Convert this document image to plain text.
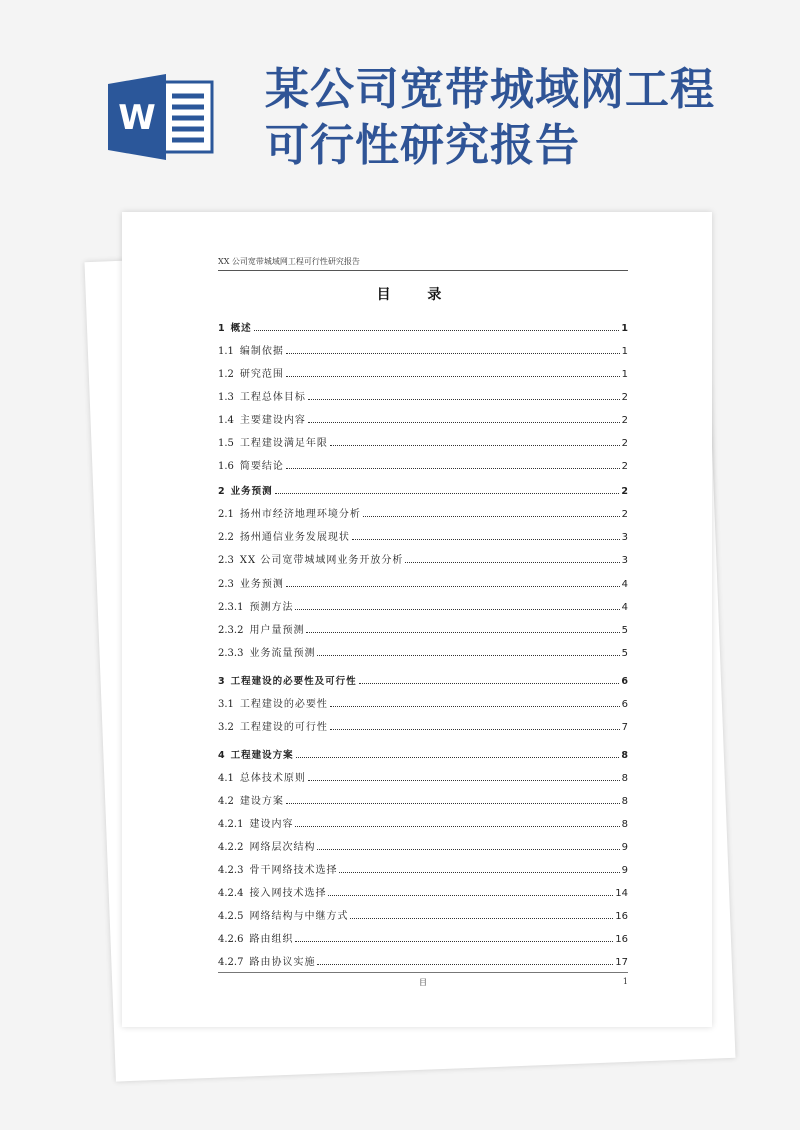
W
某公司宽带城域网工程
可行性研究报告
XX 公司宽带城域网工程可行性研究报告
目 录
1 概述	1
1.1 编制依据	1
1.2 研究范围	1
1.3 工程总体目标	2
1.4 主要建设内容	2
1.5 工程建设满足年限	2
1.6 简要结论	2
2 业务预测	2
2.1 扬州市经济地理环境分析	2
2.2 扬州通信业务发展现状	3
2.3 XX 公司宽带城域网业务开放分析	3
2.3 业务预测	4
2.3.1 预测方法	4
2.3.2 用户量预测	5
2.3.3 业务流量预测	5
3 工程建设的必要性及可行性	6
3.1 工程建设的必要性	6
3.2 工程建设的可行性	7
4 工程建设方案	8
4.1 总体技术原则	8
4.2 建设方案	8
4.2.1 建设内容	8
4.2.2 网络层次结构	9
4.2.3 骨干网络技术选择	9
4.2.4 接入网技术选择	14
4.2.5 网络结构与中继方式	16
4.2.6 路由组织	16
4.2.7 路由协议实施	17
目	1
